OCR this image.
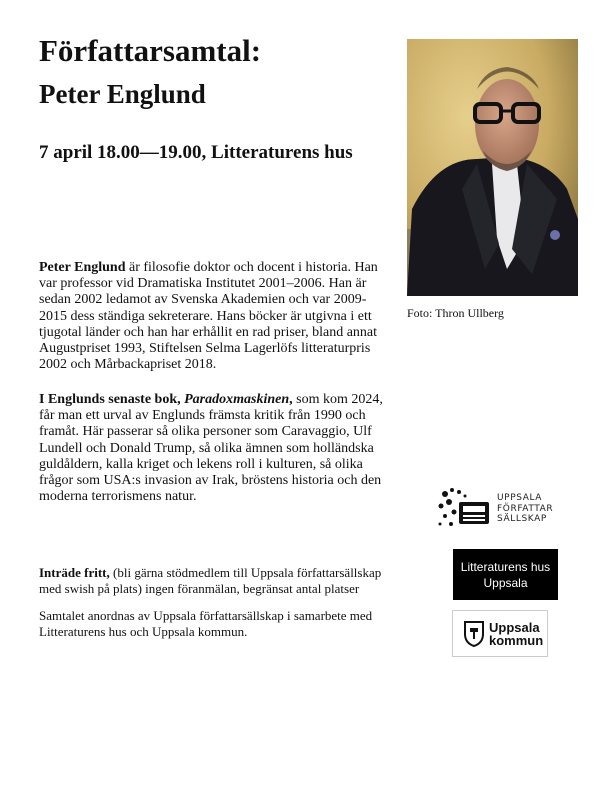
Författarsamtal:
Peter Englund
7 april 18.00—19.00, Litteraturens hus

Peter Englund är filosofie doktor och docent i historia. Han var professor vid Dramatiska Institutet 2001–2006. Han är sedan 2002 ledamot av Svenska Akademien och var 2009-2015 dess ständiga sekreterare. Hans böcker är utgivna i ett tjugotal länder och han har erhållit en rad priser, bland annat Augustpriset 1993, Stiftelsen Selma Lagerlöfs litteraturpris 2002 och Mårbackapriset 2018.

I Englunds senaste bok, Paradoxmaskinen, som kom 2024, får man ett urval av Englunds främsta kritik från 1990 och framåt. Här passerar så olika personer som Caravaggio, Ulf Lundell och Donald Trump, så olika ämnen som holländska guldåldern, kalla kriget och lekens roll i kulturen, så olika frågor som USA:s invasion av Irak, bröstens historia och den moderna terrorismens natur.

Inträde fritt, (bli gärna stödmedlem till Uppsala författarsällskap med swish på plats) ingen föranmälan, begränsat antal platser

Samtalet anordnas av Uppsala författarsällskap i samarbete med Litteraturens hus och Uppsala kommun.

Foto: Thron Ullberg
UPPSALA
FÖRFATTAR
SÄLLSKAP
Litteraturens hus
Uppsala
Uppsala
kommun
